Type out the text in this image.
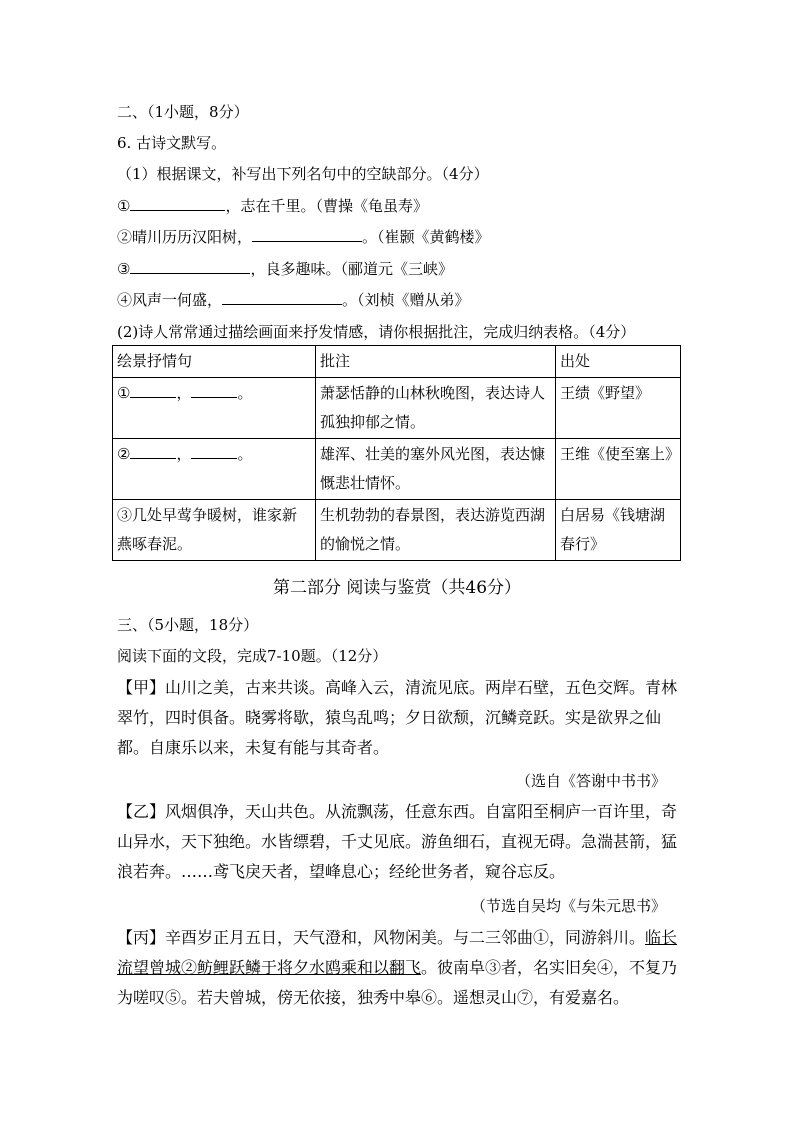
二、（1小题，8分）
6. 古诗文默写。
（1）根据课文，补写出下列名句中的空缺部分。（4分）
①	，志在千里。（曹操《龟虽寿》
②晴川历历汉阳树，	。（崔颢《黄鹤楼》
③	，良多趣味。（郦道元《三峡》
④风声一何盛，	。（刘桢《赠从弟》
(2)诗人常常通过描绘画面来抒发情感，请你根据批注，完成归纳表格。（4分）
绘景抒情句	批注	出处
① ， 。	萧瑟恬静的山林秋晚图，表达诗人孤独抑郁之情。	王绩《野望》
② ， 。	雄浑、壮美的塞外风光图，表达慷慨悲壮情怀。	王维《使至塞上》
③几处早莺争暖树，谁家新燕啄春泥。	生机勃勃的春景图，表达游览西湖的愉悦之情。	白居易《钱塘湖春行》
第二部分 阅读与鉴赏（共46分）
三、（5小题，18分）
阅读下面的文段，完成7-10题。（12分）
【甲】山川之美，古来共谈。高峰入云，清流见底。两岸石壁，五色交辉。青林翠竹，四时俱备。晓雾将歇，猿鸟乱鸣；夕日欲颓，沉鳞竞跃。实是欲界之仙都。自康乐以来，未复有能与其奇者。
（选自《答谢中书书》
【乙】风烟俱净，天山共色。从流飘荡，任意东西。自富阳至桐庐一百许里，奇山异水，天下独绝。水皆缥碧，千丈见底。游鱼细石，直视无碍。急湍甚箭，猛浪若奔。……鸢飞戾天者，望峰息心；经纶世务者，窥谷忘反。
（节选自吴均《与朱元思书》
【丙】辛酉岁正月五日，天气澄和，风物闲美。与二三邻曲①，同游斜川。临长流望曾城②鲂鲤跃鳞于将夕水鸥乘和以翻飞。彼南阜③者，名实旧矣④，不复乃为嗟叹⑤。若夫曾城，傍无依接，独秀中皋⑥。遥想灵山⑦，有爱嘉名。
